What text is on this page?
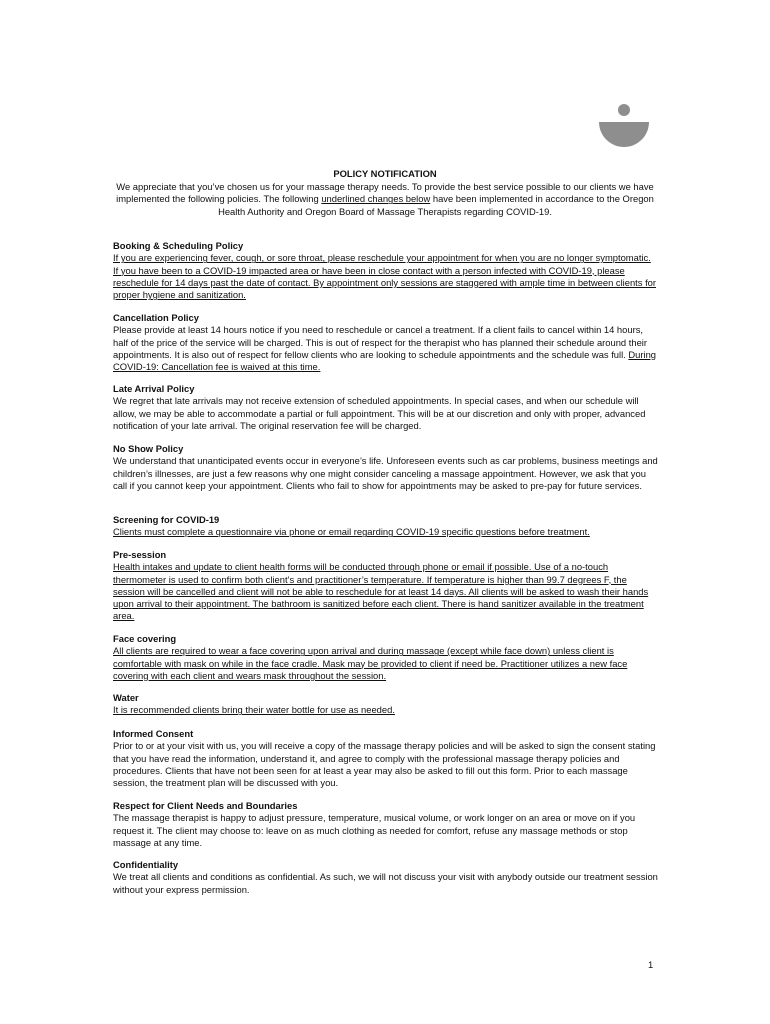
POLICY NOTIFICATION

We appreciate that you’ve chosen us for your massage therapy needs. To provide the best service possible to our clients we have implemented the following policies. The following underlined changes below have been implemented in accordance to the Oregon Health Authority and Oregon Board of Massage Therapists regarding COVID-19.

Booking & Scheduling Policy

If you are experiencing fever, cough, or sore throat, please reschedule your appointment for when you are no longer symptomatic. If you have been to a COVID-19 impacted area or have been in close contact with a person infected with COVID-19, please reschedule for 14 days past the date of contact. By appointment only sessions are staggered with ample time in between clients for proper hygiene and sanitization.

Cancellation Policy

Please provide at least 14 hours notice if you need to reschedule or cancel a treatment. If a client fails to cancel within 14 hours, half of the price of the service will be charged. This is out of respect for the therapist who has planned their schedule around their appointments. It is also out of respect for fellow clients who are looking to schedule appointments and the schedule was full. During COVID-19: Cancellation fee is waived at this time.

Late Arrival Policy

We regret that late arrivals may not receive extension of scheduled appointments. In special cases, and when our schedule will allow, we may be able to accommodate a partial or full appointment. This will be at our discretion and only with proper, advanced notification of your late arrival. The original reservation fee will be charged.

No Show Policy

We understand that unanticipated events occur in everyone’s life. Unforeseen events such as car problems, business meetings and children’s illnesses, are just a few reasons why one might consider canceling a massage appointment. However, we ask that you call if you cannot keep your appointment. Clients who fail to show for appointments may be asked to pre-pay for future services.

Screening for COVID-19

Clients must complete a questionnaire via phone or email regarding COVID-19 specific questions before treatment.

Pre-session

Health intakes and update to client health forms will be conducted through phone or email if possible. Use of a no-touch thermometer is used to confirm both client’s and practitioner’s temperature. If temperature is higher than 99.7 degrees F, the session will be cancelled and client will not be able to reschedule for at least 14 days. All clients will be asked to wash their hands upon arrival to their appointment. The bathroom is sanitized before each client. There is hand sanitizer available in the treatment area.

Face covering

All clients are required to wear a face covering upon arrival and during massage (except while face down) unless client is comfortable with mask on while in the face cradle. Mask may be provided to client if need be. Practitioner utilizes a new face covering with each client and wears mask throughout the session.

Water

It is recommended clients bring their water bottle for use as needed.

Informed Consent

Prior to or at your visit with us, you will receive a copy of the massage therapy policies and will be asked to sign the consent stating that you have read the information, understand it, and agree to comply with the professional massage therapy policies and procedures. Clients that have not been seen for at least a year may also be asked to fill out this form. Prior to each massage session, the treatment plan will be discussed with you.

Respect for Client Needs and Boundaries

The massage therapist is happy to adjust pressure, temperature, musical volume, or work longer on an area or move on if you request it. The client may choose to: leave on as much clothing as needed for comfort, refuse any massage methods or stop massage at any time.

Confidentiality

We treat all clients and conditions as confidential. As such, we will not discuss your visit with anybody outside our treatment session without your express permission.

1
